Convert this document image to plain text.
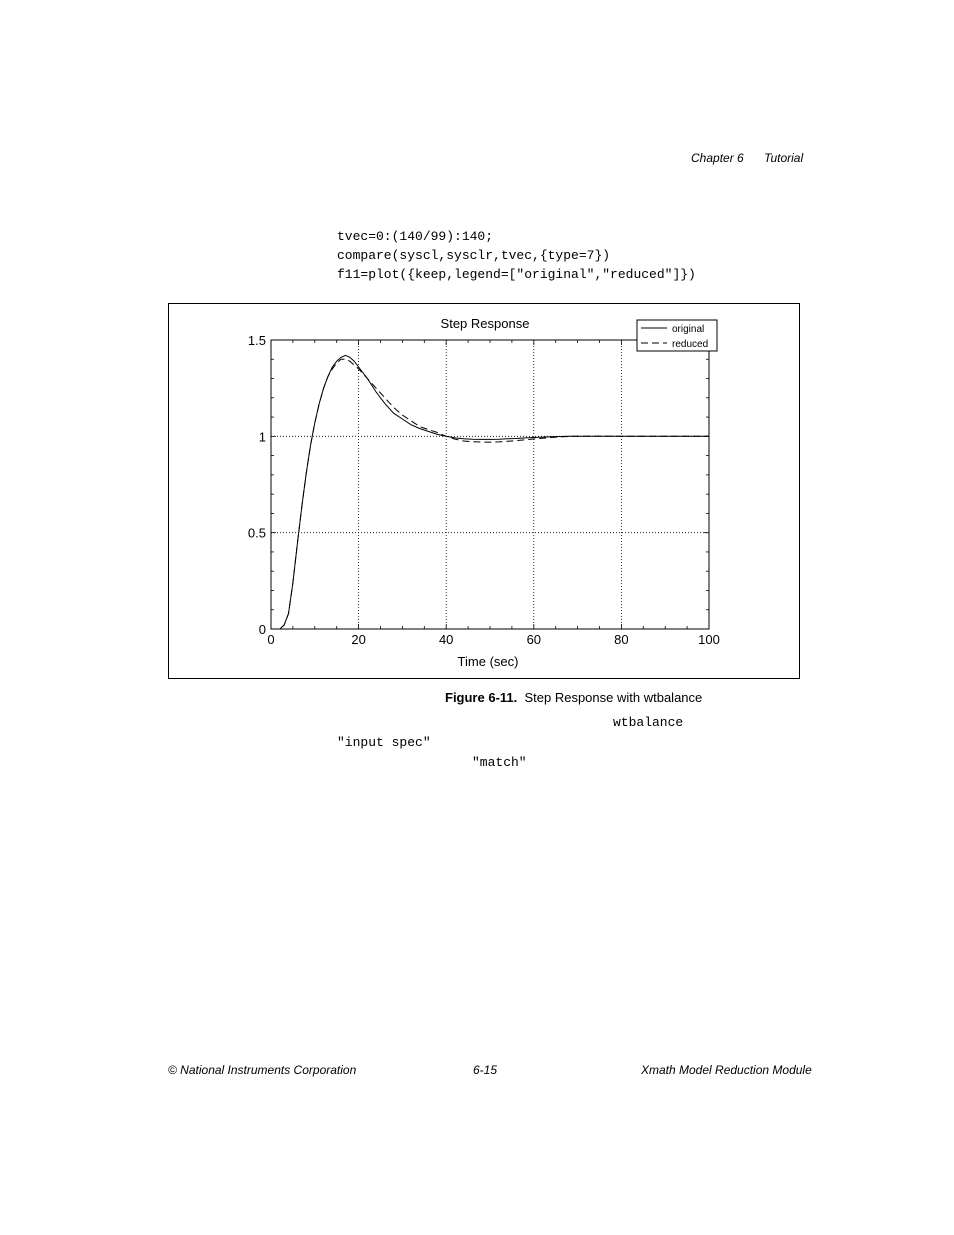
Chapter 6 Tutorial
tvec=0:(140/99):140;
compare(syscl,sysclr,tvec,{type=7})
f11=plot({keep,legend=["original","reduced"]})
0	20	40	60	80	100
0
0.5
1
1.5
Step Response
Time (sec)
original
reduced
Figure 6-11. Step Response with wtbalance
wtbalance
"input spec"
"match"
© National Instruments Corporation	6-15	Xmath Model Reduction Module
